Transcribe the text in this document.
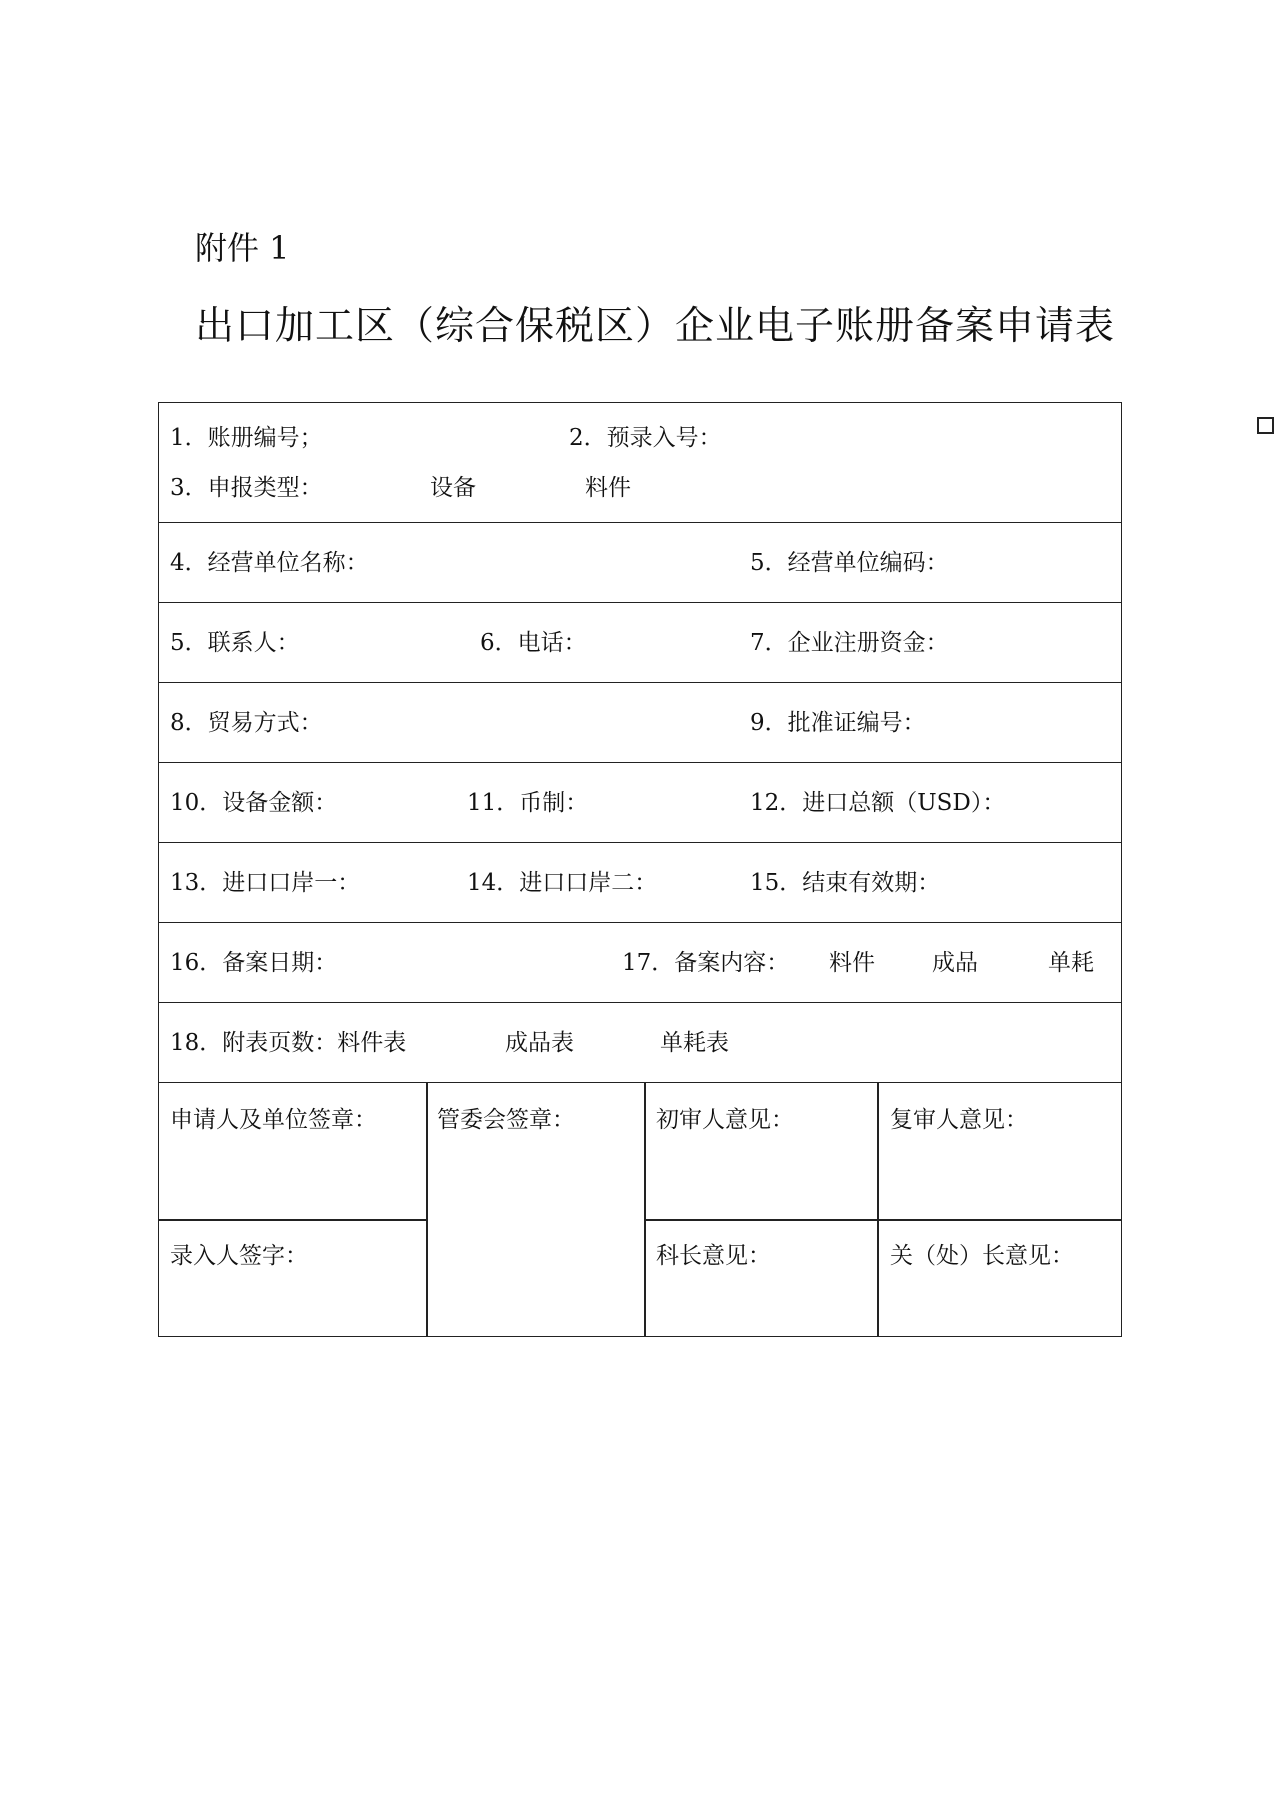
附件 1
出口加工区（综合保税区）企业电子账册备案申请表
1．账册编号；	2．预录入号：
3．申报类型：	设备	料件
4．经营单位名称：	5．经营单位编码：
5．联系人：	6．电话：	7．企业注册资金：
8．贸易方式：	9．批准证编号：
10．设备金额：	11．币制：	12．进口总额（USD）：
13．进口口岸一：	14．进口口岸二：	15．结束有效期：
16．备案日期：	17．备案内容： 料件 成品	单耗
18．附表页数：料件表	成品表	单耗表
申请人及单位签章：	管委会签章：	初审人意见：	复审人意见：
录入人签字：	科长意见：	关（处）长意见：
